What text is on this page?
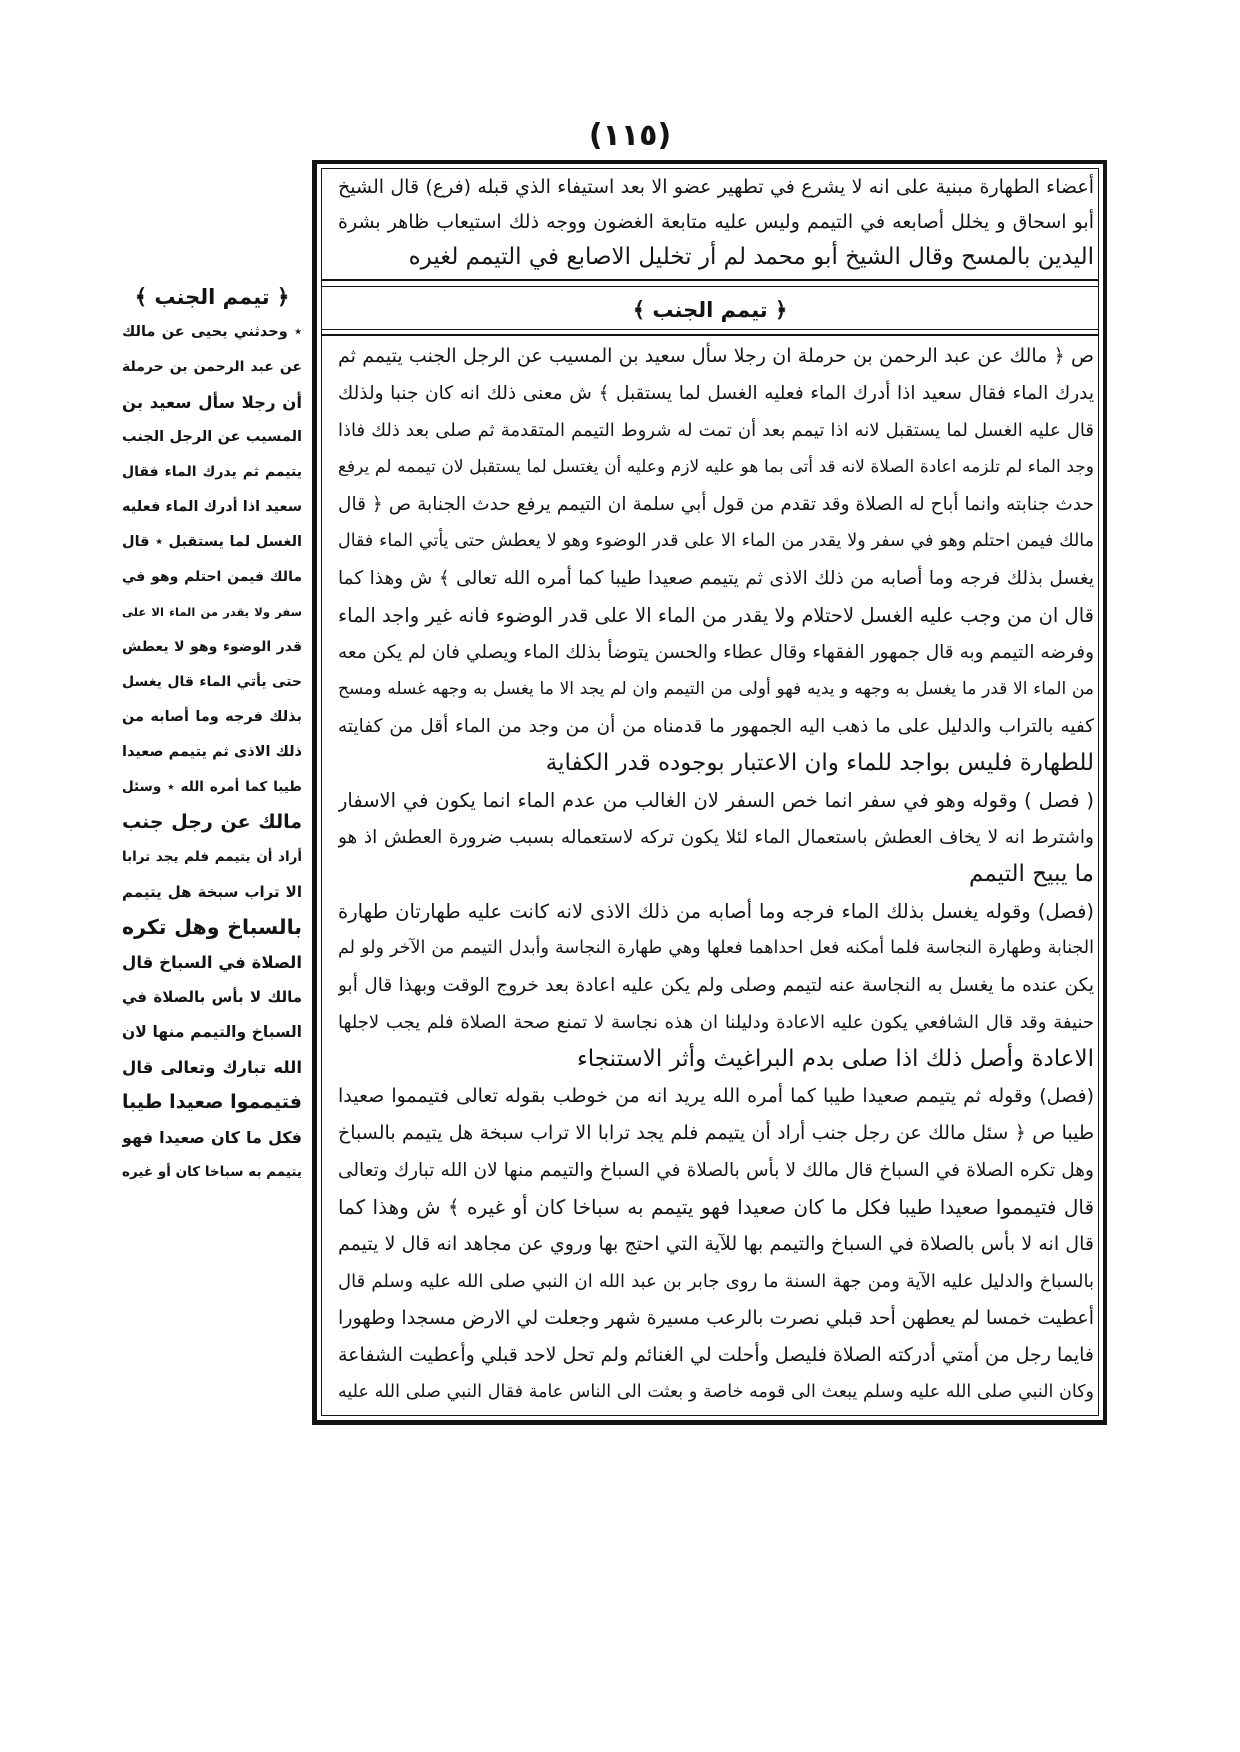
(١١٥)
أعضاء الطهارة مبنية على انه لا يشرع في تطهير عضو الا بعد استيفاء الذي قبله (فرع) قال الشيخ
أبو اسحاق و يخلل أصابعه في التيمم وليس عليه متابعة الغضون ووجه ذلك استيعاب ظاهر بشرة
اليدين بالمسح وقال الشيخ أبو محمد لم أر تخليل الاصابع في التيمم لغيره
﴿ تيمم الجنب ﴾
ص ﴿ مالك عن عبد الرحمن بن حرملة ان رجلا سأل سعيد بن المسيب عن الرجل الجنب يتيمم ثم
يدرك الماء فقال سعيد اذا أدرك الماء فعليه الغسل لما يستقبل ﴾ ش معنى ذلك انه كان جنبا ولذلك
قال عليه الغسل لما يستقبل لانه اذا تيمم بعد أن تمت له شروط التيمم المتقدمة ثم صلى بعد ذلك فاذا
وجد الماء لم تلزمه اعادة الصلاة لانه قد أتى بما هو عليه لازم وعليه أن يغتسل لما يستقبل لان تيممه لم يرفع
حدث جنابته وانما أباح له الصلاة وقد تقدم من قول أبي سلمة ان التيمم يرفع حدث الجنابة ص ﴿ قال
مالك فيمن احتلم وهو في سفر ولا يقدر من الماء الا على قدر الوضوء وهو لا يعطش حتى يأتي الماء فقال
يغسل بذلك فرجه وما أصابه من ذلك الاذى ثم يتيمم صعيدا طيبا كما أمره الله تعالى ﴾ ش وهذا كما
قال ان من وجب عليه الغسل لاحتلام ولا يقدر من الماء الا على قدر الوضوء فانه غير واجد الماء
وفرضه التيمم وبه قال جمهور الفقهاء وقال عطاء والحسن يتوضأ بذلك الماء ويصلي فان لم يكن معه
من الماء الا قدر ما يغسل به وجهه و يديه فهو أولى من التيمم وان لم يجد الا ما يغسل به وجهه غسله ومسح
كفيه بالتراب والدليل على ما ذهب اليه الجمهور ما قدمناه من أن من وجد من الماء أقل من كفايته
للطهارة فليس بواجد للماء وان الاعتبار بوجوده قدر الكفاية
( فصل ) وقوله وهو في سفر انما خص السفر لان الغالب من عدم الماء انما يكون في الاسفار
واشترط انه لا يخاف العطش باستعمال الماء لئلا يكون تركه لاستعماله بسبب ضرورة العطش اذ هو
ما يبيح التيمم
(فصل) وقوله يغسل بذلك الماء فرجه وما أصابه من ذلك الاذى لانه كانت عليه طهارتان طهارة
الجنابة وطهارة النجاسة فلما أمكنه فعل احداهما فعلها وهي طهارة النجاسة وأبدل التيمم من الآخر ولو لم
يكن عنده ما يغسل به النجاسة عنه لتيمم وصلى ولم يكن عليه اعادة بعد خروج الوقت وبهذا قال أبو
حنيفة وقد قال الشافعي يكون عليه الاعادة ودليلنا ان هذه نجاسة لا تمنع صحة الصلاة فلم يجب لاجلها
الاعادة وأصل ذلك اذا صلى بدم البراغيث وأثر الاستنجاء
(فصل) وقوله ثم يتيمم صعيدا طيبا كما أمره الله يريد انه من خوطب بقوله تعالى فتيمموا صعيدا
طيبا ص ﴿ سئل مالك عن رجل جنب أراد أن يتيمم فلم يجد ترابا الا تراب سبخة هل يتيمم بالسباخ
وهل تكره الصلاة في السباخ قال مالك لا بأس بالصلاة في السباخ والتيمم منها لان الله تبارك وتعالى
قال فتيمموا صعيدا طيبا فكل ما كان صعيدا فهو يتيمم به سباخا كان أو غيره ﴾ ش وهذا كما
قال انه لا بأس بالصلاة في السباخ والتيمم بها للآية التي احتج بها وروي عن مجاهد انه قال لا يتيمم
بالسباخ والدليل عليه الآية ومن جهة السنة ما روى جابر بن عبد الله ان النبي صلى الله عليه وسلم قال
أعطيت خمسا لم يعطهن أحد قبلي نصرت بالرعب مسيرة شهر وجعلت لي الارض مسجدا وطهورا
فايما رجل من أمتي أدركته الصلاة فليصل وأحلت لي الغنائم ولم تحل لاحد قبلي وأعطيت الشفاعة
وكان النبي صلى الله عليه وسلم يبعث الى قومه خاصة و بعثت الى الناس عامة فقال النبي صلى الله عليه
﴿ تيمم الجنب ﴾
٭ وحدثني يحيى عن مالك
عن عبد الرحمن بن حرملة
أن رجلا سأل سعيد بن
المسيب عن الرجل الجنب
يتيمم ثم يدرك الماء فقال
سعيد اذا أدرك الماء فعليه
الغسل لما يستقبل ٭ قال
مالك فيمن احتلم وهو في
سفر ولا يقدر من الماء الا على
قدر الوضوء وهو لا يعطش
حتى يأتي الماء قال يغسل
بذلك فرجه وما أصابه من
ذلك الاذى ثم يتيمم صعيدا
طيبا كما أمره الله ٭ وسئل
مالك عن رجل جنب
أراد أن يتيمم فلم يجد ترابا
الا تراب سبخة هل يتيمم
بالسباخ وهل تكره
الصلاة في السباخ قال
مالك لا بأس بالصلاة في
السباخ والتيمم منها لان
الله تبارك وتعالى قال
فتيمموا صعيدا طيبا
فكل ما كان صعيدا فهو
يتيمم به سباخا كان أو غيره
